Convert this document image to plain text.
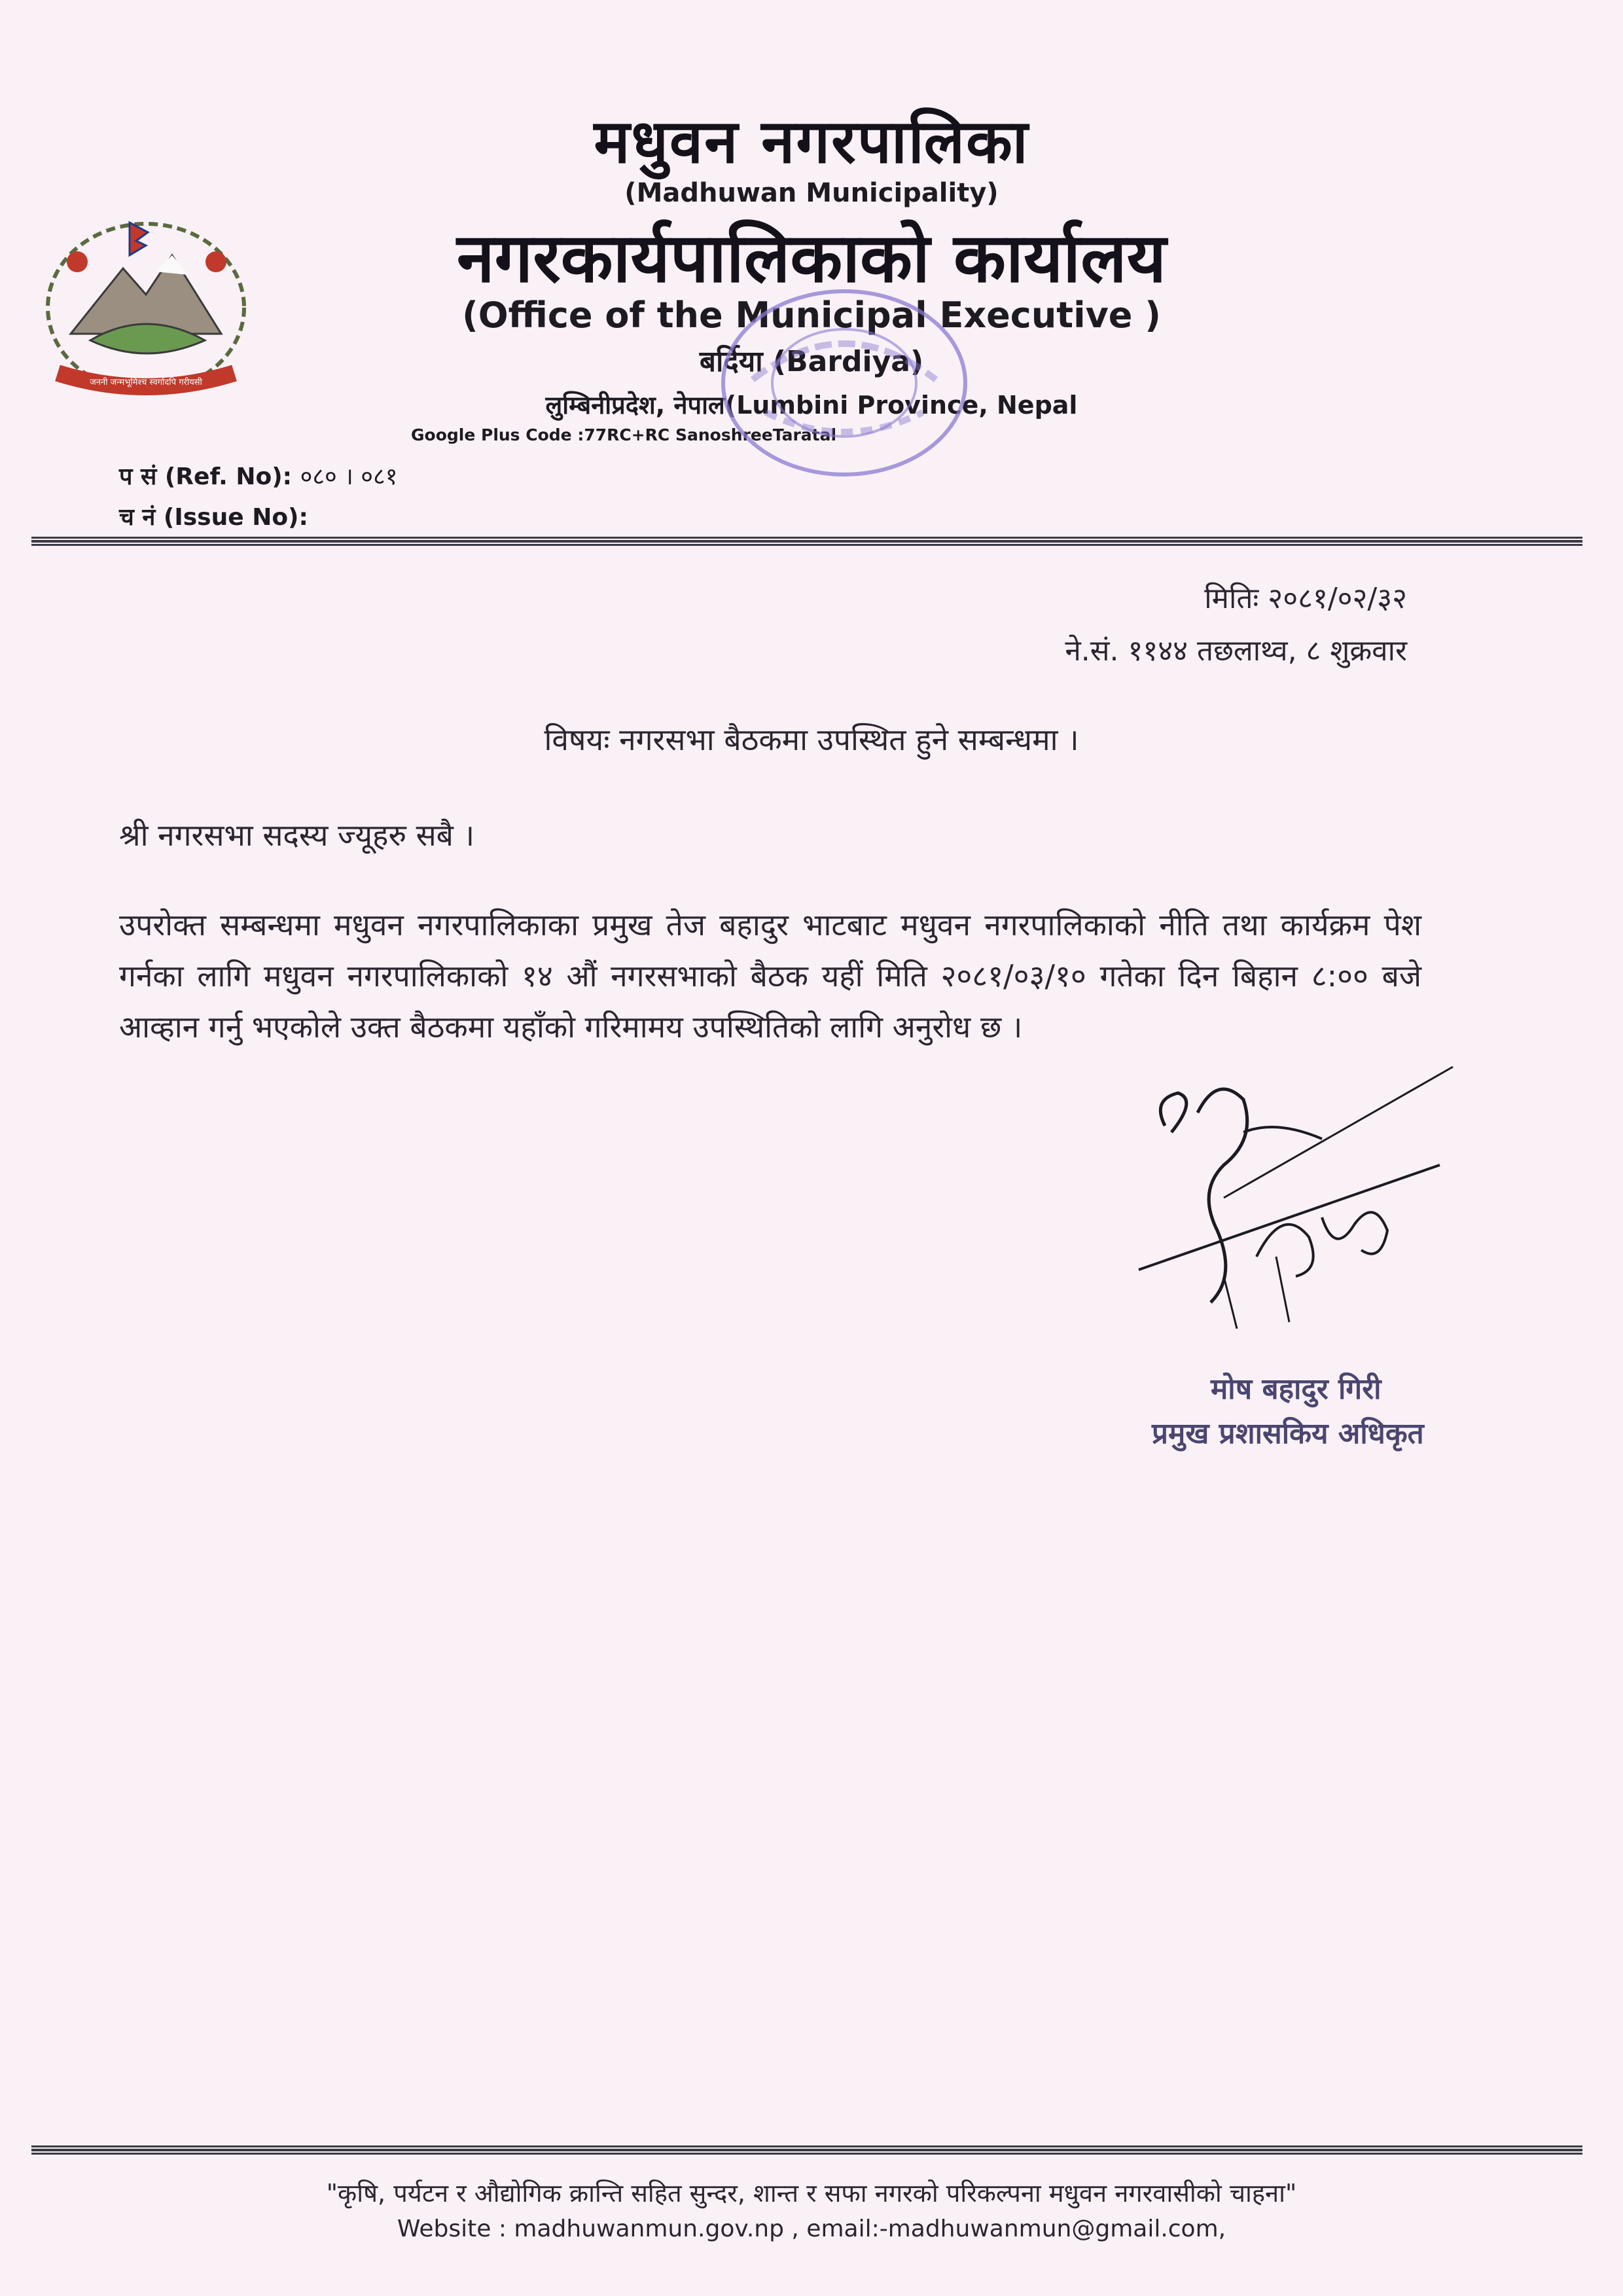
जननी जन्मभूमिश्च स्वर्गादपि गरीयसी
मधुवन नगरपालिका
(Madhuwan Municipality)
नगरकार्यपालिकाको कार्यालय
(Office of the Municipal Executive )
बर्दिया (Bardiya)
लुम्बिनीप्रदेश, नेपाल(Lumbini Province, Nepal
Google Plus Code :77RC+RC SanoshreeTaratal
प सं (Ref. No): ०८० । ०८१
च नं (Issue No):
मितिः २०८१/०२/३२
ने.सं. ११४४ तछलाथ्व, ८ शुक्रवार
विषयः नगरसभा बैठकमा उपस्थित हुने सम्बन्धमा ।
श्री नगरसभा सदस्य ज्यूहरु सबै ।
उपरोक्त सम्बन्धमा मधुवन नगरपालिकाका प्रमुख तेज बहादुर भाटबाट मधुवन नगरपालिकाको नीति तथा कार्यक्रम पेश गर्नका लागि मधुवन नगरपालिकाको १४ औं नगरसभाको बैठक यहीं मिति २०८१/०३/१० गतेका दिन बिहान ८:०० बजे आव्हान गर्नु भएकोले उक्त बैठकमा यहाँको गरिमामय उपस्थितिको लागि अनुरोध छ ।
मोष बहादुर गिरी
प्रमुख प्रशासकिय अधिकृत
"कृषि, पर्यटन र औद्योगिक क्रान्ति सहित सुन्दर, शान्त र सफा नगरको परिकल्पना मधुवन नगरवासीको चाहना"
Website : madhuwanmun.gov.np , email:-madhuwanmun@gmail.com,
